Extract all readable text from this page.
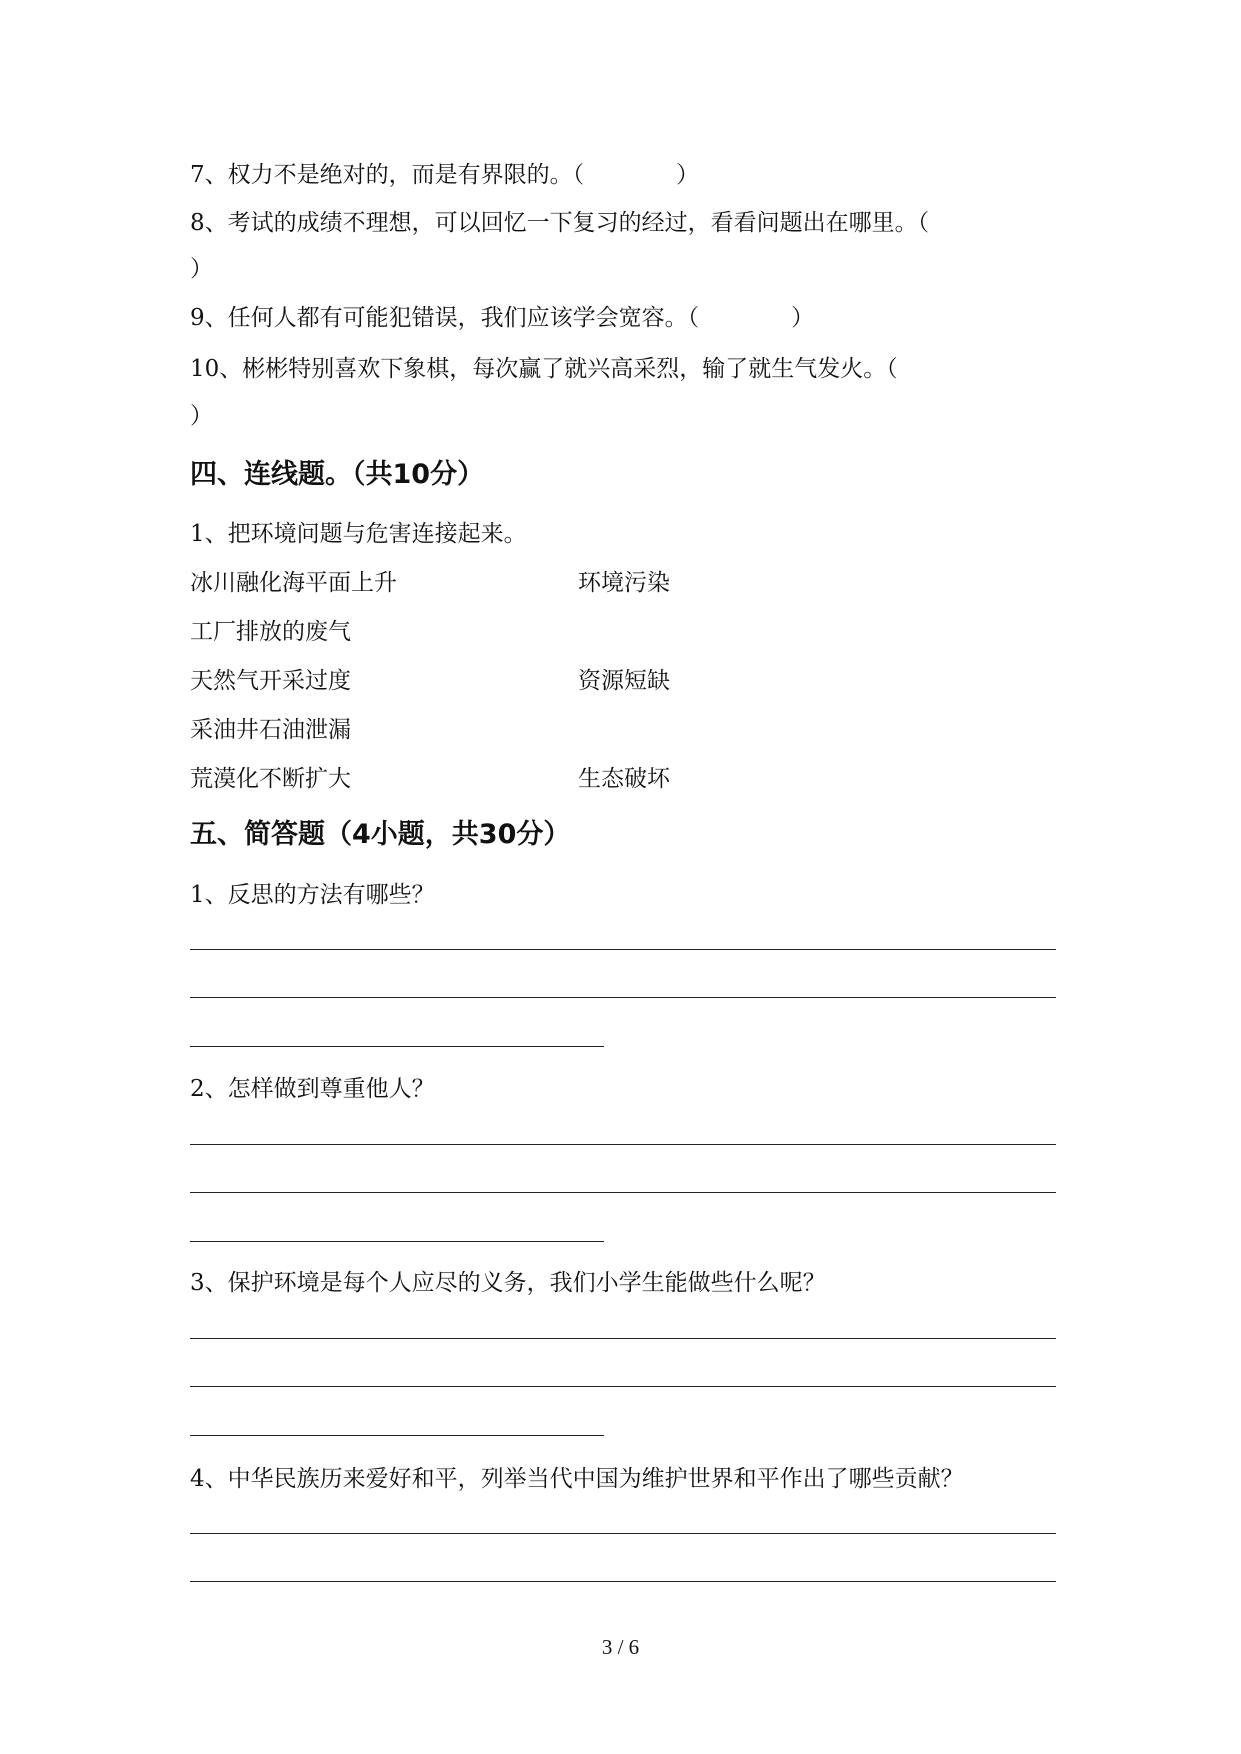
7、权力不是绝对的，而是有界限的。（　　　　）
8、考试的成绩不理想，可以回忆一下复习的经过，看看问题出在哪里。（
）
9、任何人都有可能犯错误，我们应该学会宽容。（　　　　）
10、彬彬特别喜欢下象棋，每次赢了就兴高采烈，输了就生气发火。（
）
四、连线题。（共10分）
1、把环境问题与危害连接起来。
冰川融化海平面上升
工厂排放的废气
天然气开采过度
采油井石油泄漏
荒漠化不断扩大
环境污染
资源短缺
生态破坏
五、简答题（4小题，共30分）
1、反思的方法有哪些？
2、怎样做到尊重他人？
3、保护环境是每个人应尽的义务，我们小学生能做些什么呢？
4、中华民族历来爱好和平，列举当代中国为维护世界和平作出了哪些贡献？
3 / 6
